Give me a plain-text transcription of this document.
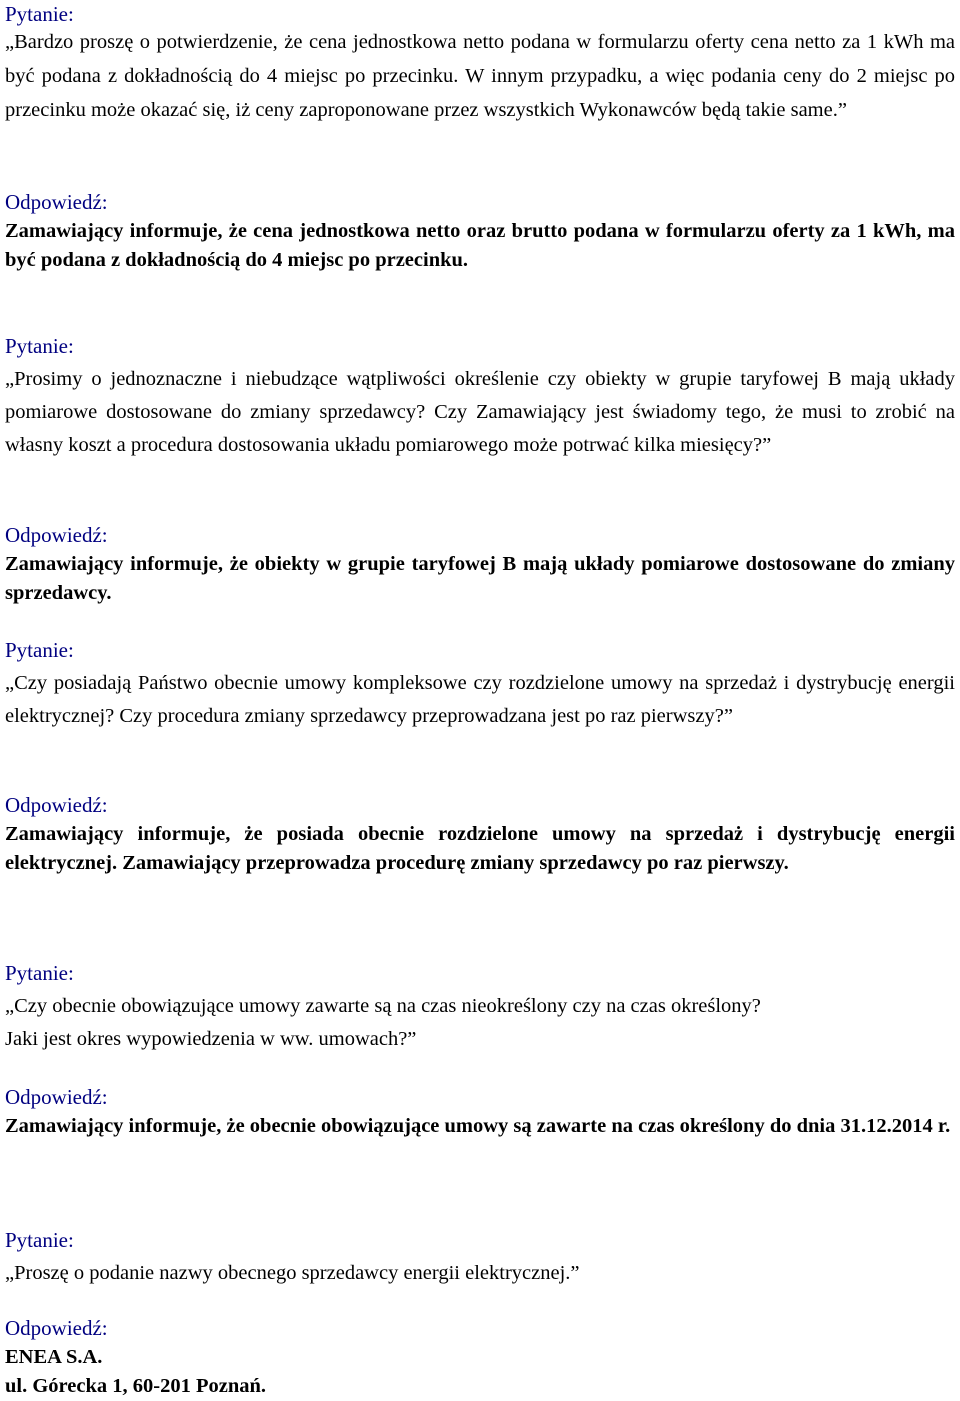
Pytanie:

„Bardzo proszę o potwierdzenie, że cena jednostkowa netto podana w formularzu oferty cena netto za 1 kWh ma być podana z dokładnością do 4 miejsc po przecinku. W innym przypadku, a więc podania ceny do 2 miejsc po przecinku może okazać się, iż ceny zaproponowane przez wszystkich Wykonawców będą takie same.”

Odpowiedź:

Zamawiający informuje, że cena jednostkowa netto oraz brutto podana w formularzu oferty za 1 kWh, ma być podana z dokładnością do 4 miejsc po przecinku.

Pytanie:

„Prosimy o jednoznaczne i niebudzące wątpliwości określenie czy obiekty w grupie taryfowej B mają układy pomiarowe dostosowane do zmiany sprzedawcy? Czy Zamawiający jest świadomy tego, że musi to zrobić na własny koszt a procedura dostosowania układu pomiarowego może potrwać kilka miesięcy?”

Odpowiedź:

Zamawiający informuje, że obiekty w grupie taryfowej B mają układy pomiarowe dostosowane do zmiany sprzedawcy.

Pytanie:

„Czy posiadają Państwo obecnie umowy kompleksowe czy rozdzielone umowy na sprzedaż i dystrybucję energii elektrycznej? Czy procedura zmiany sprzedawcy przeprowadzana jest po raz pierwszy?”

Odpowiedź:

Zamawiający informuje, że posiada obecnie rozdzielone umowy na sprzedaż i dystrybucję energii elektrycznej. Zamawiający przeprowadza procedurę zmiany sprzedawcy po raz pierwszy.

Pytanie:

„Czy obecnie obowiązujące umowy zawarte są na czas nieokreślony czy na czas określony?

Jaki jest okres wypowiedzenia w ww. umowach?”

Odpowiedź:

Zamawiający informuje, że obecnie obowiązujące umowy są zawarte na czas określony do dnia 31.12.2014 r.

Pytanie:

„Proszę o podanie nazwy obecnego sprzedawcy energii elektrycznej.”

Odpowiedź:

ENEA S.A.

ul. Górecka 1, 60-201 Poznań.
